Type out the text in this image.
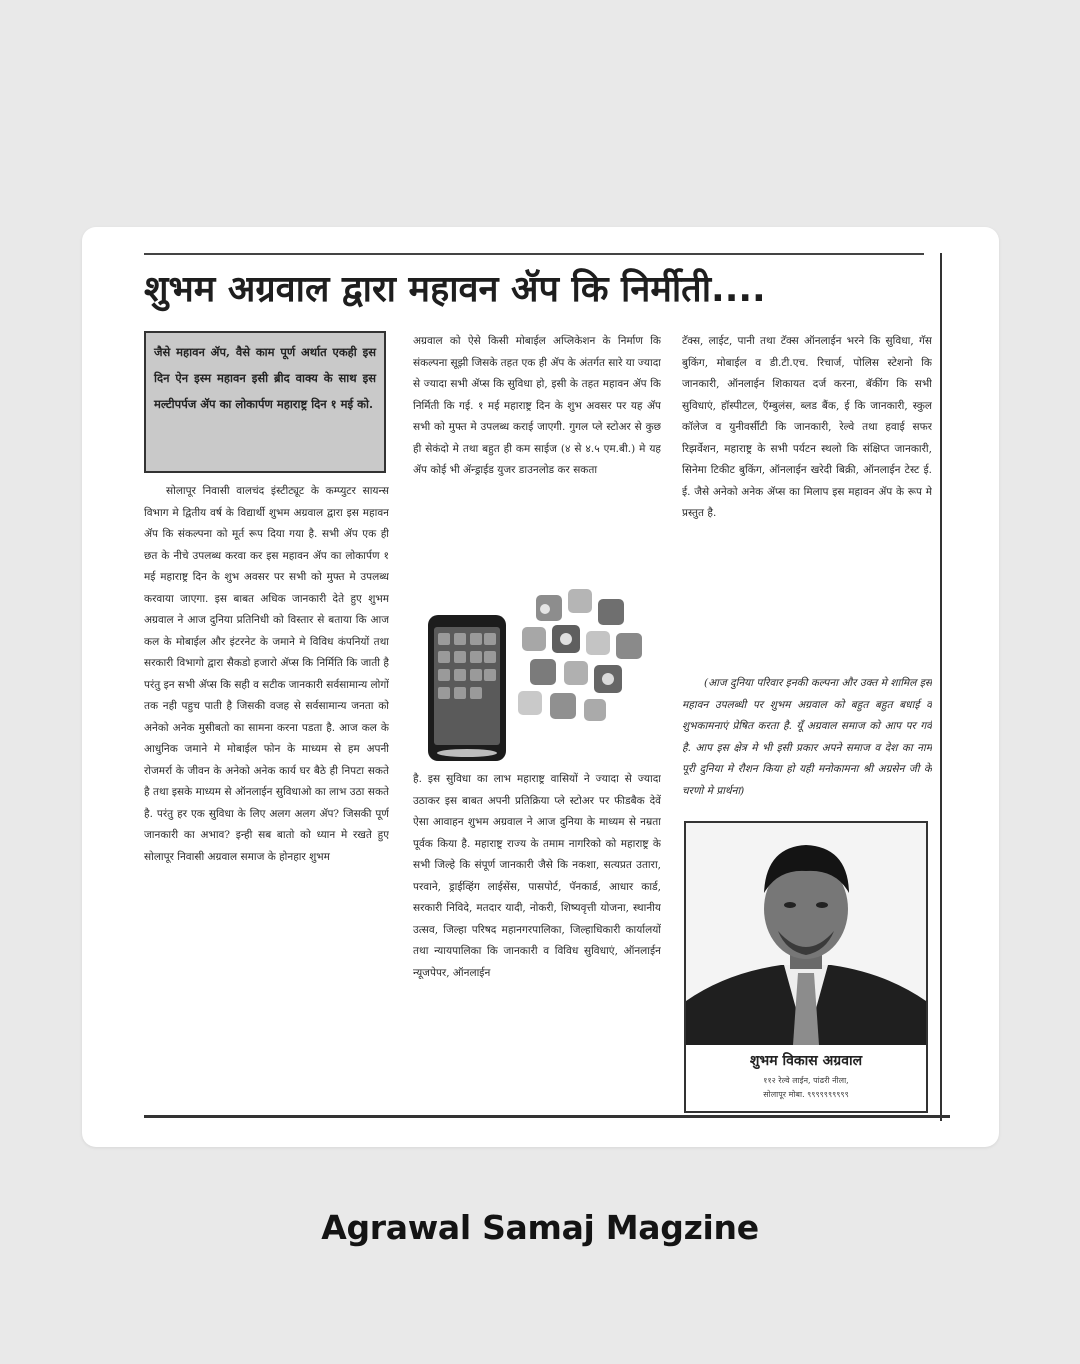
शुभम अग्रवाल द्वारा महावन ॲप कि निर्मीती....
जैसे महावन ॲप, वैसे काम पूर्ण अर्थात एकही इस दिन ऐन इस्म महावन इसी ब्रीद वाक्य के साथ इस मल्टीपर्पज ॲप का लोकार्पण महाराष्ट्र दिन १ मई को.

सोलापूर निवासी वालचंद इंस्टीट्यूट के कम्प्युटर सायन्स विभाग मे द्वितीय वर्ष के विद्यार्थी शुभम अग्रवाल द्वारा इस महावन ॲप कि संकल्पना को मूर्त रूप दिया गया है. सभी ॲप एक ही छत के नीचे उपलब्ध करवा कर इस महावन ॲप का लोकार्पण १ मई महाराष्ट्र दिन के शुभ अवसर पर सभी को मुफ्त मे उपलब्ध करवाया जाएगा. इस बाबत अधिक जानकारी देते हुए शुभम अग्रवाल ने आज दुनिया प्रतिनिधी को विस्तार से बताया कि आज कल के मोबाईल और इंटरनेट के जमाने मे विविध कंपनियों तथा सरकारी विभागो द्वारा सैकडो हजारो ॲप्स कि निर्मिति कि जाती है परंतु इन सभी ॲप्स कि सही व सटीक जानकारी सर्वसामान्य लोगों तक नही पहुच पाती है जिसकी वजह से सर्वसामान्य जनता को अनेको अनेक मुसीबतो का सामना करना पडता है. आज कल के आधुनिक जमाने मे मोबाईल फोन के माध्यम से हम अपनी रोजमर्रा के जीवन के अनेको अनेक कार्य घर बैठे ही निपटा सकते है तथा इसके माध्यम से ऑनलाईन सुविधाओ का लाभ उठा सकते है. परंतु हर एक सुविधा के लिए अलग अलग ॲप? जिसकी पूर्ण जानकारी का अभाव? इन्ही सब बातो को ध्यान मे रखते हुए सोलापूर निवासी अग्रवाल समाज के होनहार शुभम

अग्रवाल को ऐसे किसी मोबाईल अप्लिकेशन के निर्माण कि संकल्पना सूझी जिसके तहत एक ही ॲप के अंतर्गत सारे या ज्यादा से ज्यादा सभी ॲप्स कि सुविधा हो, इसी के तहत महावन ॲप कि निर्मिती कि गई. १ मई महाराष्ट्र दिन के शुभ अवसर पर यह ॲप सभी को मुफ्त मे उपलब्ध कराई जाएगी. गुगल प्ले स्टोअर से कुछ ही सेकंदो मे तथा बहुत ही कम साईज (४ से ४.५ एम.बी.) मे यह ॲप कोई भी ॲन्ड्राईड युजर डाउनलोड कर सकता

है. इस सुविधा का लाभ महाराष्ट्र वासियों ने ज्यादा से ज्यादा उठाकर इस बाबत अपनी प्रतिक्रिया प्ले स्टोअर पर फीडबैक देवें ऐसा आवाहन शुभम अग्रवाल ने आज दुनिया के माध्यम से नम्रता पूर्वक किया है. महाराष्ट्र राज्य के तमाम नागरिको को महाराष्ट्र के सभी जिल्हे कि संपूर्ण जानकारी जैसे कि नकशा, सत्यप्रत उतारा, परवाने, ड्राईव्हिंग लाईसेंस, पासपोर्ट, पॅनकार्ड, आधार कार्ड, सरकारी निविदे, मतदार यादी, नोकरी, शिष्यवृत्ती योजना, स्थानीय उत्सव, जिल्हा परिषद महानगरपालिका, जिल्हाधिकारी कार्यालयों तथा न्यायपालिका कि जानकारी व विविध सुविधाएं, ऑनलाईन न्यूजपेपर, ऑनलाईन

टॅक्स, लाईट, पानी तथा टॅक्स ऑनलाईन भरने कि सुविधा, गॅस बुकिंग, मोबाईल व डी.टी.एच. रिचार्ज, पोलिस स्टेशनो कि जानकारी, ऑनलाईन शिकायत दर्ज करना, बॅकींग कि सभी सुविधाएं, हॉस्पीटल, ऍम्बुलंस, ब्लड बैंक, ई कि जानकारी, स्कुल कॉलेज व युनीवर्सीटी कि जानकारी, रेल्वे तथा हवाई सफर रिझर्वेशन, महाराष्ट्र के सभी पर्यटन स्थलो कि संक्षिप्त जानकारी, सिनेमा टिकीट बुकिंग, ऑनलाईन खरेदी बिक्री, ऑनलाईन टेस्ट ई. ई. जैसे अनेको अनेक ॲप्स का मिलाप इस महावन ॲप के रूप मे प्रस्तुत है.

(आज दुनिया परिवार इनकी कल्पना और उक्त मे शामिल इस महावन उपलब्धी पर शुभम अग्रवाल को बहुत बहुत बधाई व शुभकामनाएं प्रेषित करता है. यूँ अग्रवाल समाज को आप पर गर्व है. आप इस क्षेत्र मे भी इसी प्रकार अपने समाज व देश का नाम पूरी दुनिया मे रौशन किया हो यही मनोकामना श्री अग्रसेन जी के चरणो मे प्रार्थना)

शुभम विकास अग्रवाल
११२ रेल्वे लाईन, पांढरी नीला,
सोलापूर मोबा. ९९९९९९९९९९
Agrawal Samaj Magzine
